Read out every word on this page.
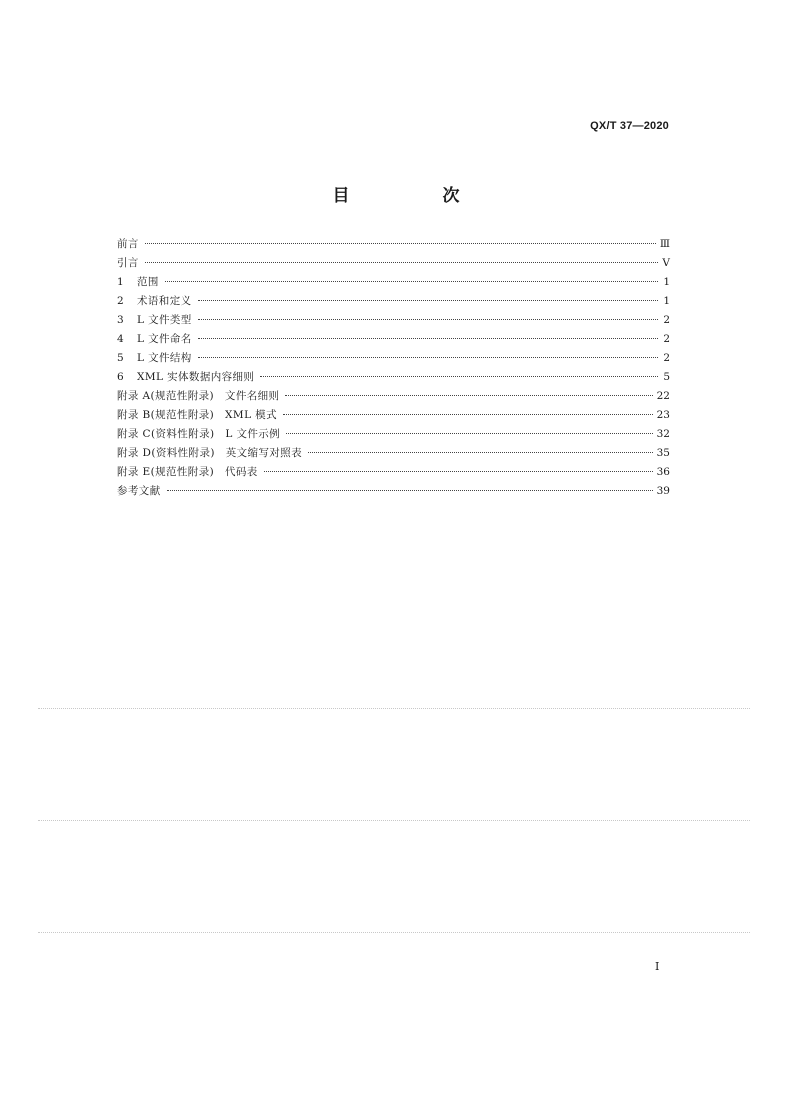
QX/T 37—2020
目　次
前言	Ⅲ
引言	Ⅴ
1	范围	1
2	术语和定义	1
3	L 文件类型	2
4	L 文件命名	2
5	L 文件结构	2
6	XML 实体数据内容细则	5
附录 A(规范性附录)　文件名细则	22
附录 B(规范性附录)　XML 模式	23
附录 C(资料性附录)　L 文件示例	32
附录 D(资料性附录)　英文缩写对照表	35
附录 E(规范性附录)　代码表	36
参考文献	39
Ⅰ
